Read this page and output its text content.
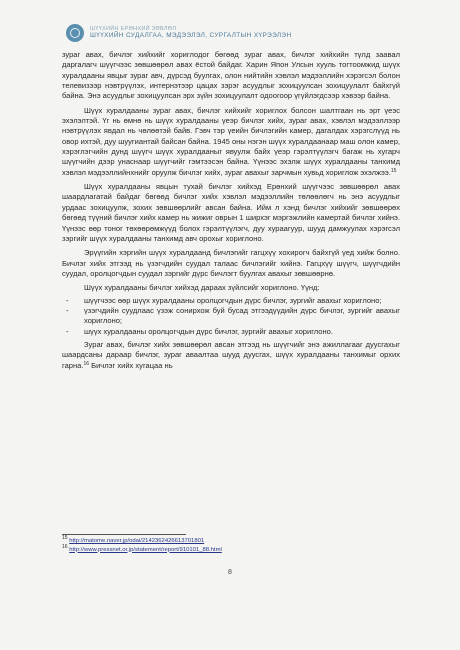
ШҮҮХИЙН ЕРӨНХИЙ ЗӨВЛӨЛ
ШҮҮХИЙН СУДАЛГАА, МЭДЭЭЛЭЛ, СУРГАЛТЫН ХҮРЭЭЛЭН

зураг авах, бичлэг хийхийг хориглодог бөгөөд зураг авах, бичлэг хийхийн түлд заавал даргалагч шүүгчээс зөвшөөрөл авах ёстой байдаг. Харин Япон Улсын хууль тогтоомжид шүүх хуралдааны явцыг зураг авч, дүрсэд буулгах, олон нийтийн хэвлэл мэдээллийн хэрэгсэл болон телевизээр нэвтрүүлэх, интернэтээр цацах зэрэг асуудлыг зохицуулсан зохицуулалт байхгүй байна. Энэ асуудлыг зохицуулсан эрх зүйн зохицуулалт одоогоор үгүйлэгдсээр хэвээр байна.

Шүүх хуралдааны зураг авах, бичлэг хийхийг хориглох болсон шалтгаан нь эрт үеэс эхэлэлтэй. Үг нь өмнө нь шүүх хуралдааны үеэр бичлэг хийх, зураг авах, хэвлэл мэдээллээр нэвтрүүлэх явдал нь чөлөөтэй байв. Гэвч тэр үеийн бичлэгийн камер, дагалдах хэрэгслүүд нь овор ихтэй, дуу шуугиантай байсан байна. 1945 оны нэгэн шүүх хуралдаанаар маш олон камер, хэрэглэгчийн дунд шүүгч шүүх хуралдааныг явуулж байх үеэр гэрэлтүүлэгч багаж нь хугарч шүүгчийн дээр унаснаар шүүгчийг гэмтээсэн байна. Үүнээс эхэлж шүүх хуралдааны танхимд хэвлэл мэдээллийнхнийг оруулж бичлэг хийх, зураг авахыг зарчмын хувьд хориглож эхэлжээ.$^{15}$

Шүүх хуралдааны явцын тухай бичлэг хийхэд Ерөнхий шүүгчээс зөвшөөрөл авах шаардлагатай байдаг бөгөөд бичлэг хийх хэвлэл мэдээллийн төлөөлөгч нь энэ асуудлыг урдаас зохицуулж, зохих зөвшөөрлийг авсан байна. Ийм л хэнд бичлэг хийхийг зөвшөөрөх бөгөөд түүний бичлэг хийх камер нь жижиг оврын 1 ширхэг мэргэжлийн камертай бичлэг хийнэ. Үүнээс өөр тоног төхөөрөмжүүд болох гэрэлтүүлэгч, дуу хураагуур, шууд дамжуулах хэрэгсэл зэргийг шүүх хуралдааны танхимд авч орохыг хориглоно.

Эрүүгийн хэргийн шүүх хуралдаанд бичлэгийг гагцхүү хохирогч байхгүй үед хийж болно. Бичлэг хийх этгээд нь үзэгчдийн суудал талаас бичлэгийг хийнэ. Гагцхүү шүүгч, шүүгчдийн суудал, оролцогчдын суудал зэргийг дүрс бичлэгт буулгах авахыг зөвшөөрнө.

Шүүх хуралдааны бичлэг хийхэд дараах зүйлсийг хориглоно. Үүнд:

- шүүгчээс өөр шүүх хуралдааны оролцогчдын дүрс бичлэг, зургийг авахыг хориглоно;
- үзэгчдийн суудлаас үзэж сонирхож буй бусад этгээдүүдийн дүрс бичлэг, зургийг авахыг хориглоно;
- шүүх хуралдааны оролцогчдын дүрс бичлэг, зургийг авахыг хориглоно.

Зураг авах, бичлэг хийх зөвшөөрөл авсан этгээд нь шүүгчийг энэ ажиллагааг дуусгахыг шаардсаны дараар бичлэг, зураг аваалтаа шууд дуусгах, шүүх хуралдааны танхимыг орхих гарна.$^{16}$ Бичлэг хийх хугацаа нь

$^{15}$ http://matome.naver.jp/odai/2142362426613701801
$^{16}$ http://www.pressnet.or.jp/statement/report/910101_88.html
8
